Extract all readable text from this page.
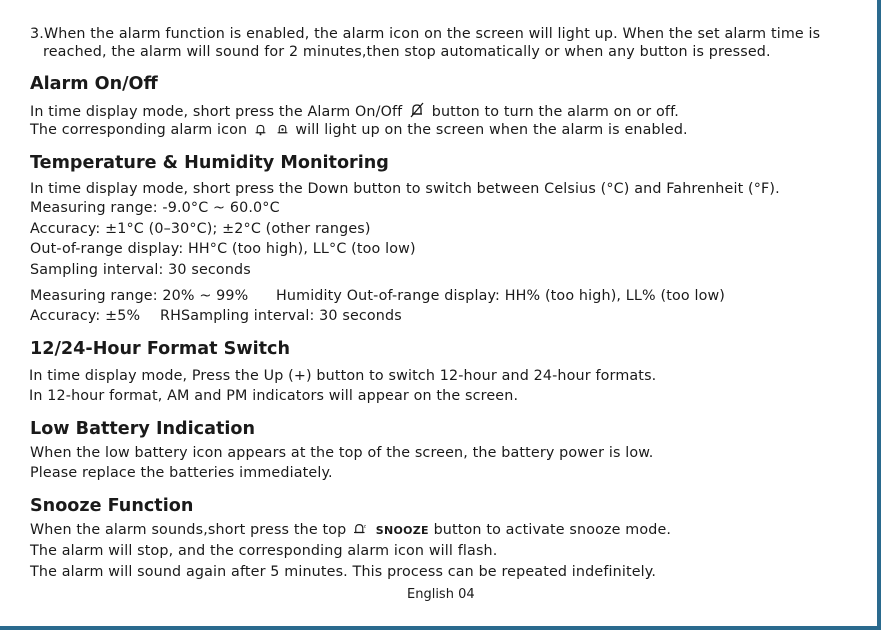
3.When the alarm function is enabled, the alarm icon on the screen will light up. When the set alarm time is
reached, the alarm will sound for 2 minutes,then stop automatically or when any button is pressed.
Alarm On/Off
In time display mode, short press the Alarm On/Off button to turn the alarm on or off.
The corresponding alarm icon	will light up on the screen when the alarm is enabled.
Temperature & Humidity Monitoring
In time display mode, short press the Down button to switch between Celsius (°C) and Fahrenheit (°F).
Measuring range: -9.0°C ~ 60.0°C
Accuracy: ±1°C (0–30°C); ±2°C (other ranges)
Out-of-range display: HH°C (too high), LL°C (too low)
Sampling interval: 30 seconds
Measuring range: 20% ~ 99% Humidity Out-of-range display: HH% (too high), LL% (too low)
Accuracy: ±5% RHSampling interval: 30 seconds
12/24-Hour Format Switch
In time display mode, Press the Up (+) button to switch 12-hour and 24-hour formats.
In 12-hour format, AM and PM indicators will appear on the screen.
Low Battery Indication
When the low battery icon appears at the top of the screen, the battery power is low.
Please replace the batteries immediately.
Snooze Function
When the alarm sounds,short press the top	z SNOOZE button to activate snooze mode.
The alarm will stop, and the corresponding alarm icon will flash.
The alarm will sound again after 5 minutes. This process can be repeated indefinitely.
English 04
